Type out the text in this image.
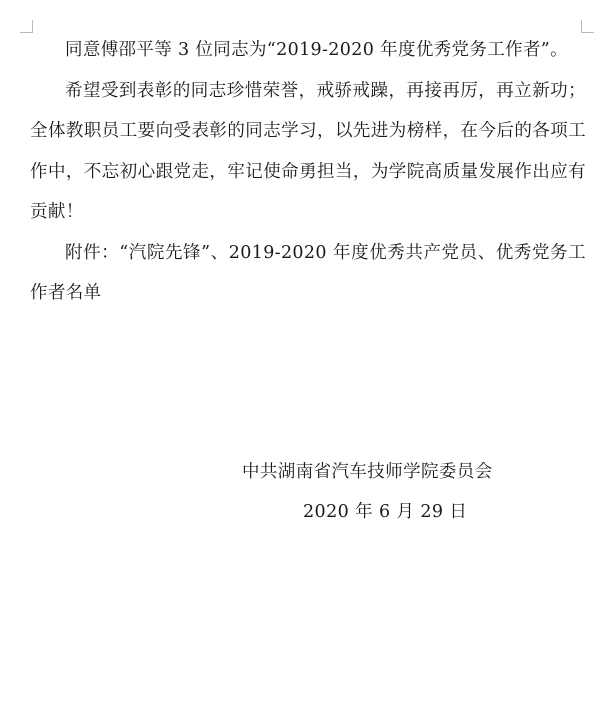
同意傅邵平等 3 位同志为“2019-2020 年度优秀党务工作者”。

希望受到表彰的同志珍惜荣誉，戒骄戒躁，再接再厉，再立新功；全体教职员工要向受表彰的同志学习，以先进为榜样，在今后的各项工作中，不忘初心跟党走，牢记使命勇担当，为学院高质量发展作出应有贡献！

附件：“汽院先锋”、2019-2020 年度优秀共产党员、优秀党务工作者名单

中共湖南省汽车技师学院委员会
2020 年 6 月 29 日
